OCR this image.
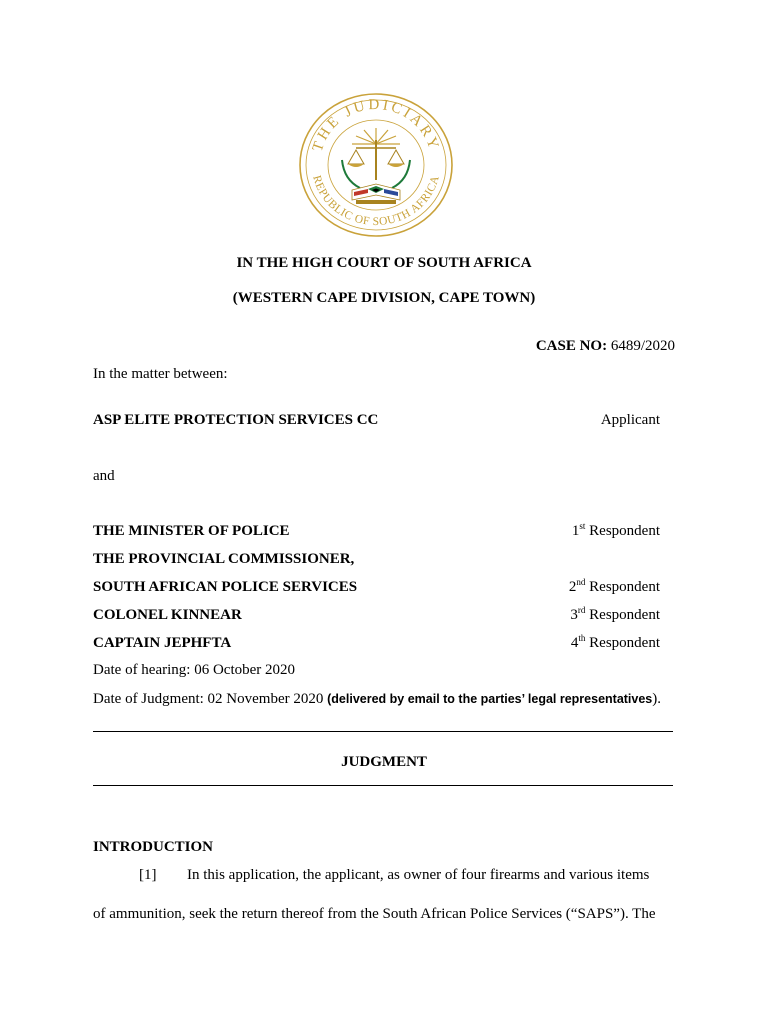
THE JUDICIARY
REPUBLIC OF SOUTH AFRICA
IN THE HIGH COURT OF SOUTH AFRICA
(WESTERN CAPE DIVISION, CAPE TOWN)
CASE NO: 6489/2020
In the matter between:
ASP ELITE PROTECTION SERVICES CC	Applicant
and
THE MINISTER OF POLICE	1st Respondent
THE PROVINCIAL COMMISSIONER,
SOUTH AFRICAN POLICE SERVICES	2nd Respondent
COLONEL KINNEAR	3rd Respondent
CAPTAIN JEPHFTA	4th Respondent
Date of hearing: 06 October 2020
Date of Judgment: 02 November 2020 (delivered by email to the parties’ legal representatives).
JUDGMENT
INTRODUCTION
[1] In this application, the applicant, as owner of four firearms and various items
of ammunition, seek the return thereof from the South African Police Services (“SAPS”). The
